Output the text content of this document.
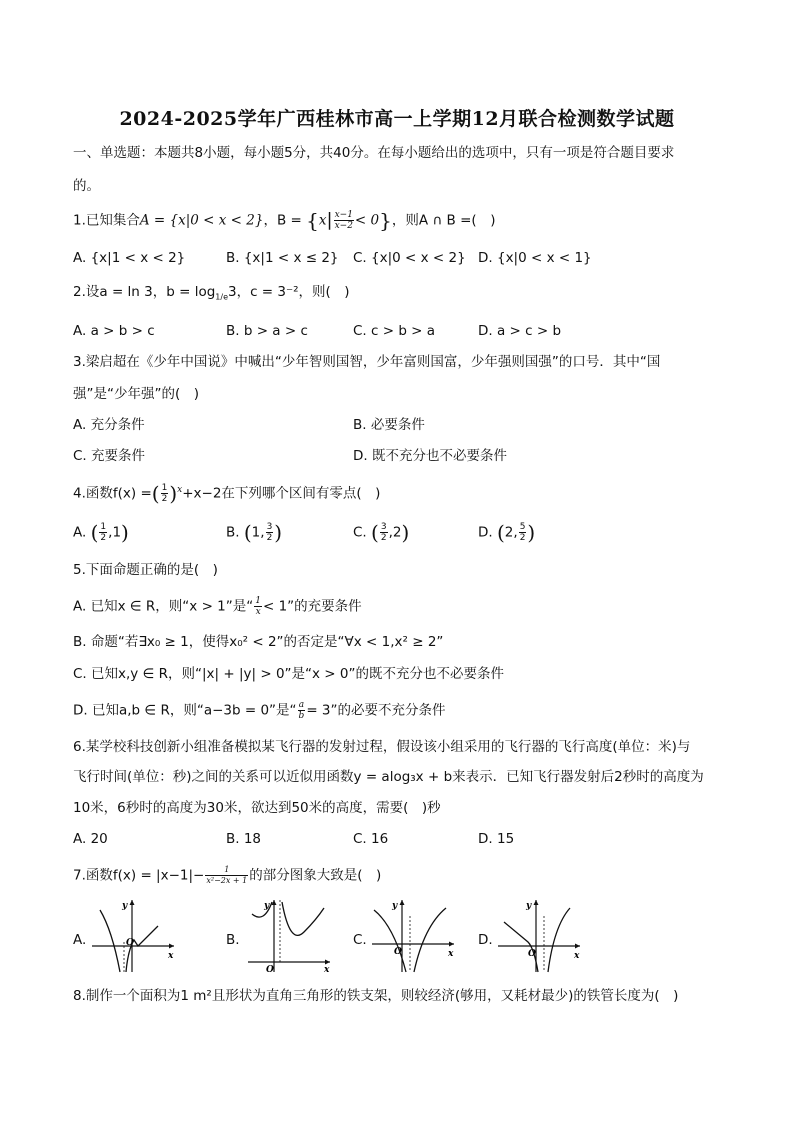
2024-2025学年广西桂林市高一上学期12月联合检测数学试题
一、单选题：本题共8小题，每小题5分，共40分。在每小题给出的选项中，只有一项是符合题目要求
的。
1.已知集合A = {x|0 < x < 2}，$B = \{x| \frac{x-1}{x-2} < 0\}$，则A ∩ B =(　)
A. {x|1 < x < 2}	B. {x|1 < x ≤ 2} C. {x|0 < x < 2} D. {x|0 < x < 1}
2.设a = ln 3，$b = \log_{1/e}3$，c = 3⁻²，则(　)
A. a > b > c	B. b > a > c	C. c > b > a	D. a > c > b
3.梁启超在《少年中国说》中喊出“少年智则国智，少年富则国富，少年强则国强”的口号．其中“国
强”是“少年强”的(　)
A. 充分条件	B. 必要条件
C. 充要条件	D. 既不充分也不必要条件
4.函数f(x) =( $\frac{1}{2} )^x+x-2$在下列哪个区间有零点(　)
A. ( $\frac{1}{2} ,1$)	B. (1, $\frac{3}{2}$ )	C. ( $\frac{3}{2} ,2$)	D. (2, $\frac{5}{2}$ )
5.下面命题正确的是(　)
A. 已知x ∈ R，则“x > 1”是“ $\frac{1}{x} < 1$”的充要条件
B. 命题“若∃x₀ ≥ 1，使得x₀² < 2”的否定是“∀x < 1,x² ≥ 2”
C. 已知x,y ∈ R，则“|x| + |y| > 0”是“x > 0”的既不充分也不必要条件
D. 已知a,b ∈ R，则“a−3b = 0”是“ $\frac{a}{b} = 3$”的必要不充分条件
6.某学校科技创新小组准备模拟某飞行器的发射过程，假设该小组采用的飞行器的飞行高度(单位：米)与
飞行时间(单位：秒)之间的关系可以近似用函数y = alog₃x + b来表示．已知飞行器发射后2秒时的高度为
10米，6秒时的高度为30米，欲达到50米的高度，需要(　)秒
A. 20	B. 18	C. 16	D. 15
7.函数$f(x) = |x-1|- \frac{1}{\text{x²−2x + 1}}$ 的部分图象大致是(　)
A.
y
x
O	B.
y
x
O
C.
y
x
O
D.
y
x
O
8.制作一个面积为1 m²且形状为直角三角形的铁支架，则较经济(够用，又耗材最少)的铁管长度为(　)
